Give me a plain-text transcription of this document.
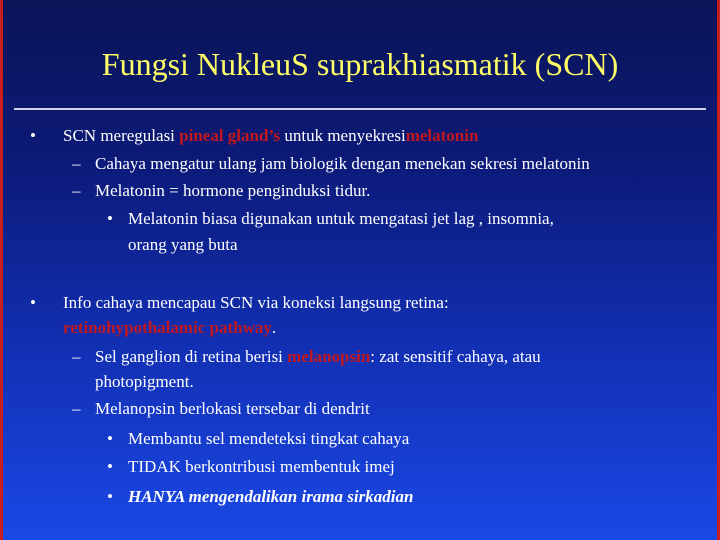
Fungsi NukleuS suprakhiasmatik (SCN)
• SCN meregulasi pineal gland’s untuk menyekresimelatonin
– Cahaya mengatur ulang jam biologik dengan menekan sekresi melatonin
– Melatonin = hormone penginduksi tidur.
• Melatonin biasa digunakan untuk mengatasi jet lag , insomnia,
orang yang buta
• Info cahaya mencapau SCN via koneksi langsung retina:
retinohypothalamic pathway.
– Sel ganglion di retina berisi melanopsin: zat sensitif cahaya, atau
photopigment.
– Melanopsin berlokasi tersebar di dendrit
• Membantu sel mendeteksi tingkat cahaya
• TIDAK berkontribusi membentuk imej
• HANYA mengendalikan irama sirkadian
